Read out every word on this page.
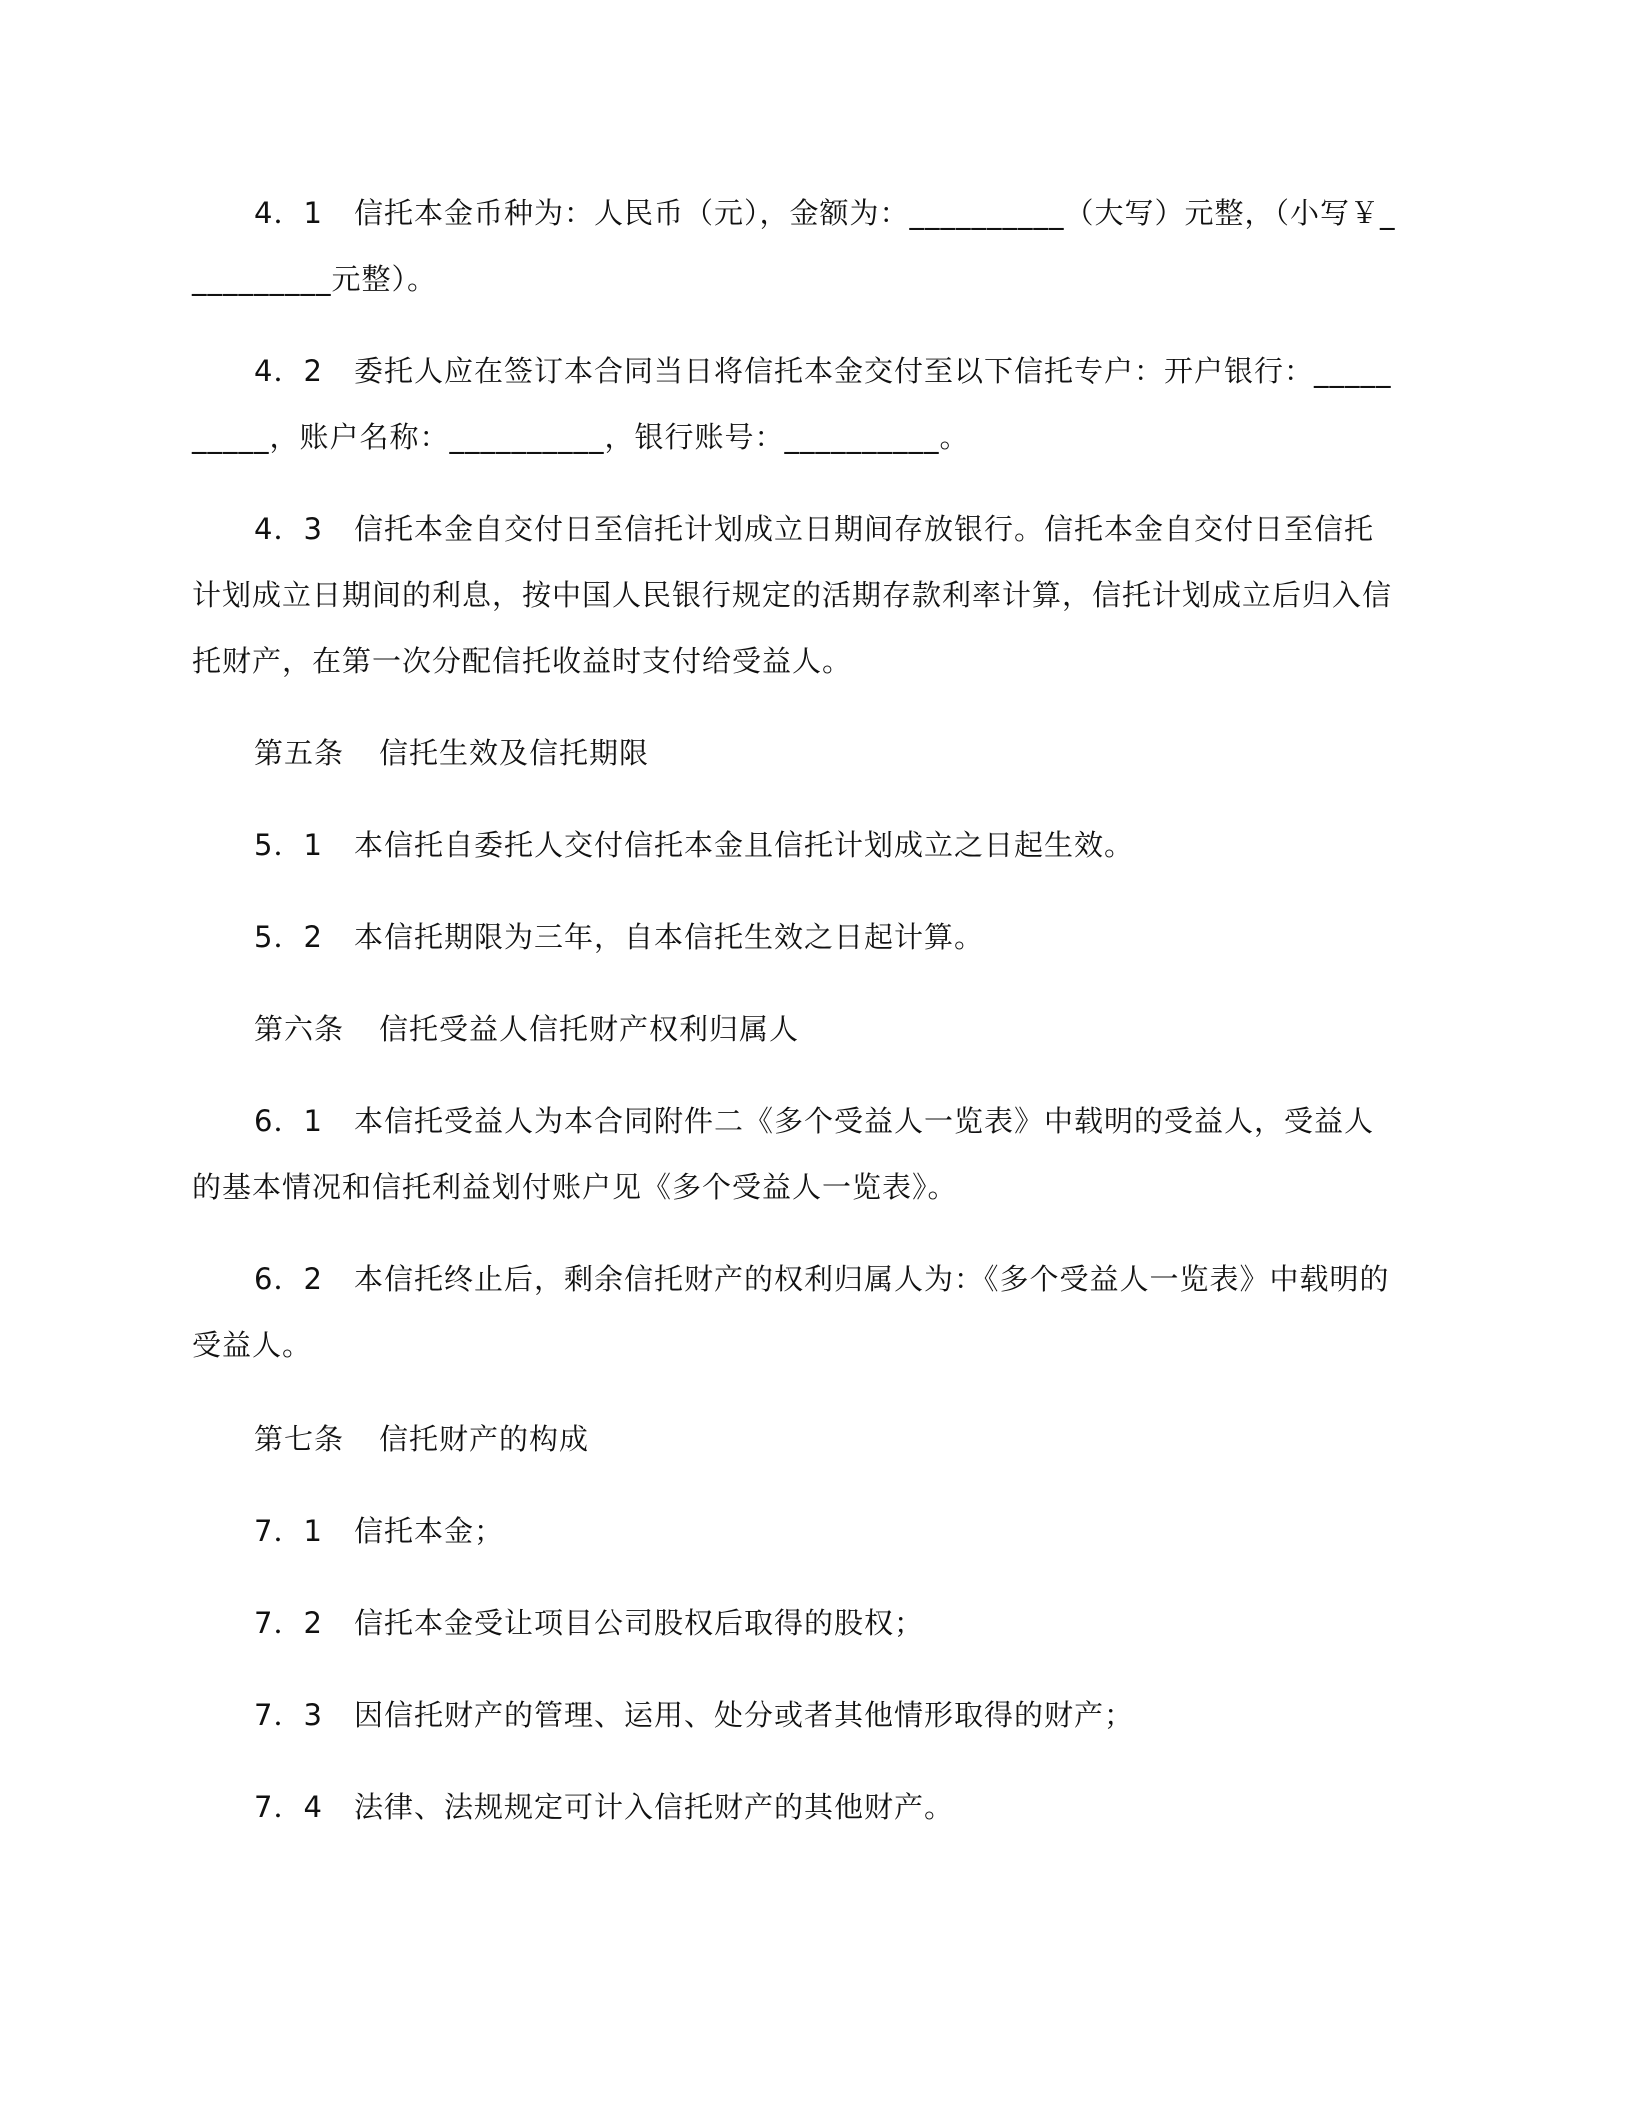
4．1 信托本金币种为：人民币（元），金额为：__________（大写）元整，（小写￥__________元整）。

4．2 委托人应在签订本合同当日将信托本金交付至以下信托专户：开户银行：__________，账户名称：__________，银行账号：__________。

4．3 信托本金自交付日至信托计划成立日期间存放银行。信托本金自交付日至信托计划成立日期间的利息，按中国人民银行规定的活期存款利率计算，信托计划成立后归入信托财产，在第一次分配信托收益时支付给受益人。

第五条 信托生效及信托期限

5．1 本信托自委托人交付信托本金且信托计划成立之日起生效。

5．2 本信托期限为三年，自本信托生效之日起计算。

第六条 信托受益人信托财产权利归属人

6．1 本信托受益人为本合同附件二《多个受益人一览表》中载明的受益人，受益人的基本情况和信托利益划付账户见《多个受益人一览表》。

6．2 本信托终止后，剩余信托财产的权利归属人为：《多个受益人一览表》中载明的受益人。

第七条 信托财产的构成

7．1 信托本金；

7．2 信托本金受让项目公司股权后取得的股权；

7．3 因信托财产的管理、运用、处分或者其他情形取得的财产；

7．4 法律、法规规定可计入信托财产的其他财产。
